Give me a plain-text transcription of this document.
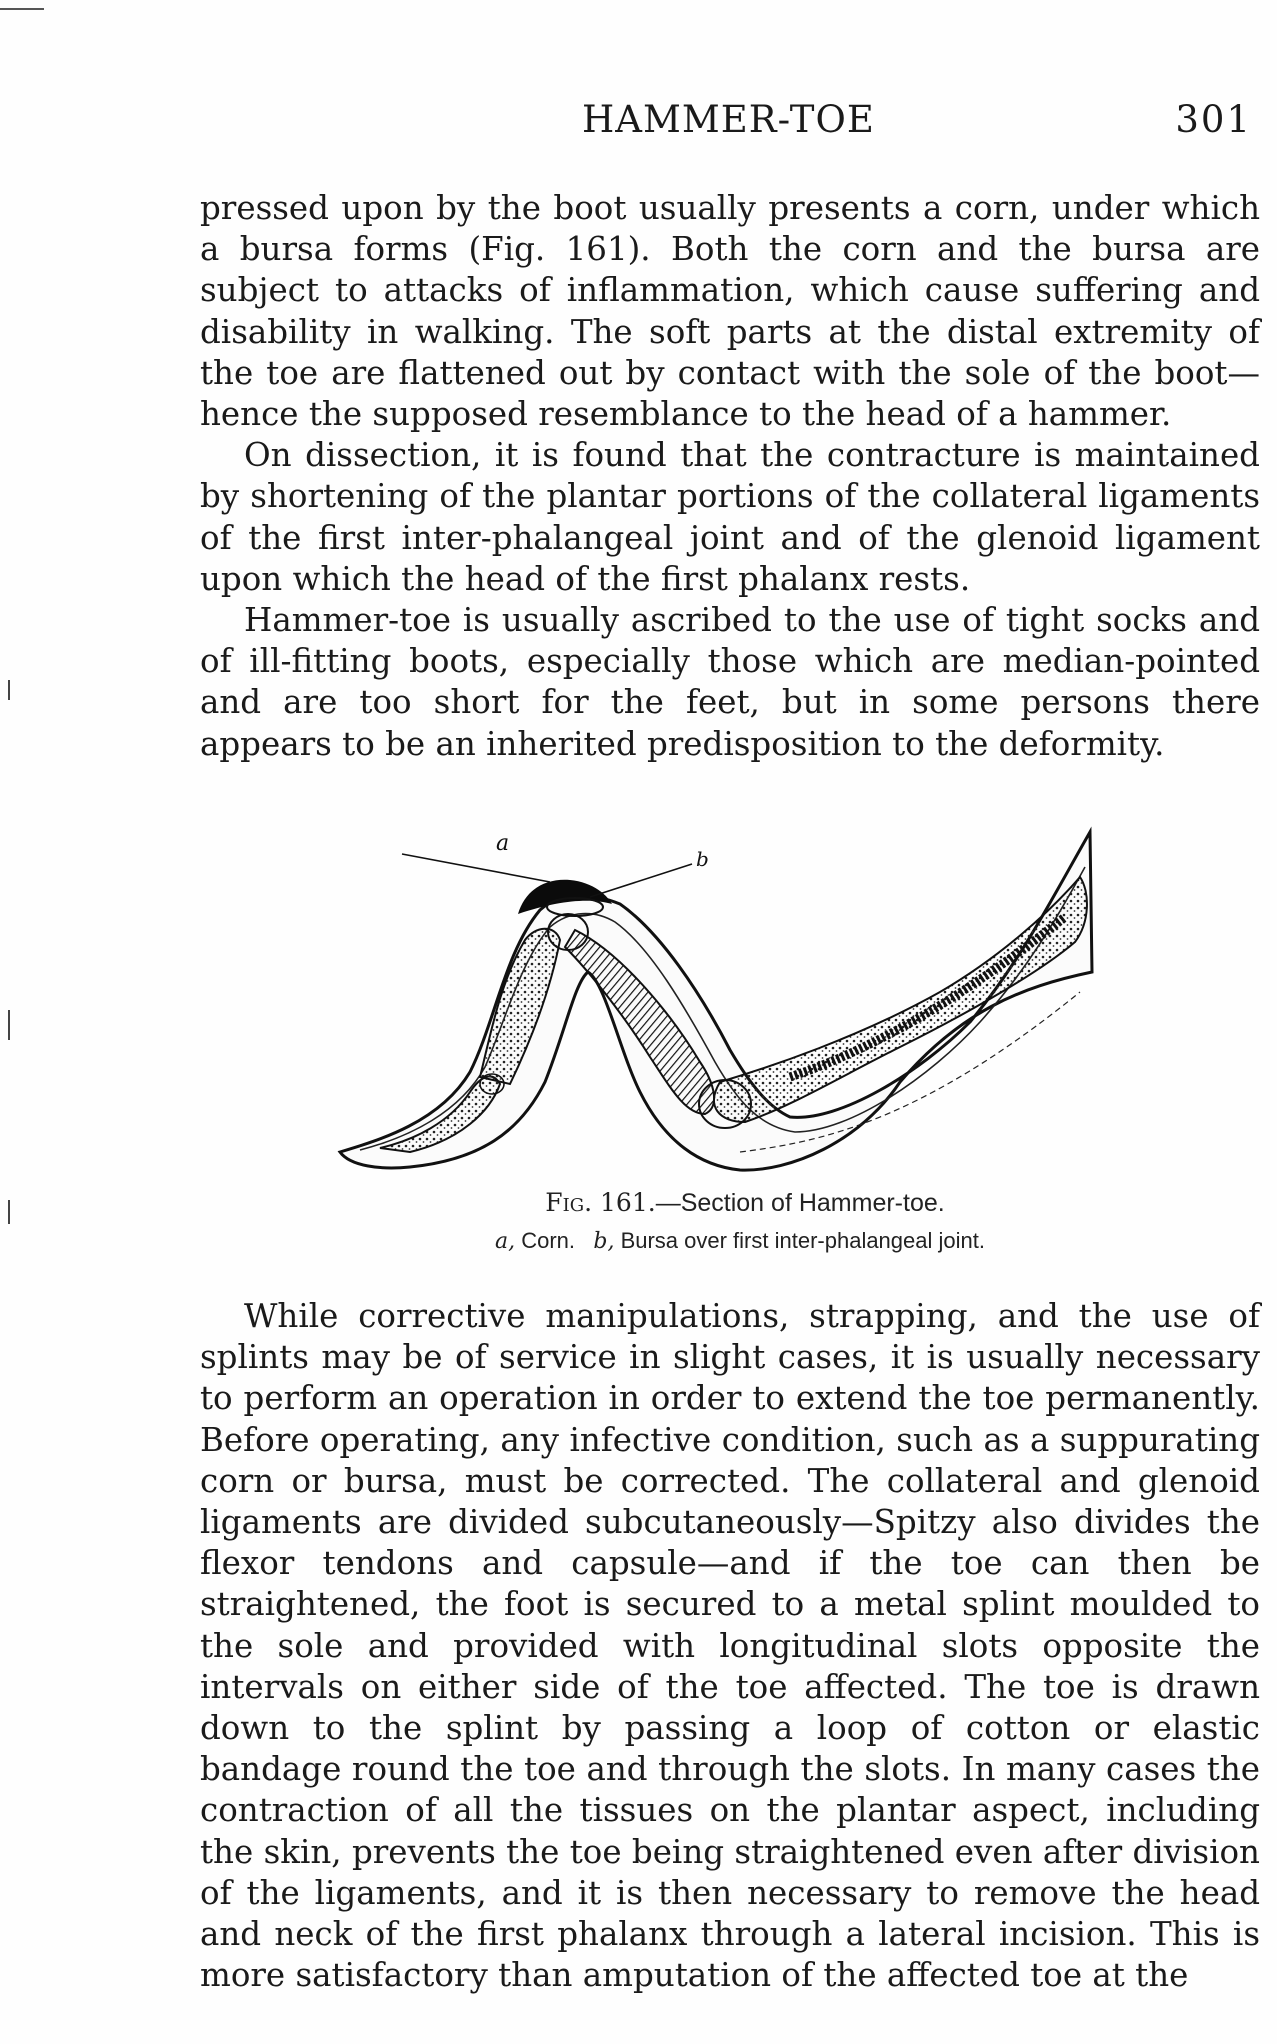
HAMMER-TOE	301

pressed upon by the boot usually presents a corn, under which a bursa forms (Fig. 161). Both the corn and the bursa are subject to attacks of inflammation, which cause suffering and disability in walking. The soft parts at the distal extremity of the toe are flattened out by contact with the sole of the boot—hence the supposed resemblance to the head of a hammer.

On dissection, it is found that the contracture is maintained by shortening of the plantar portions of the collateral ligaments of the first inter-phalangeal joint and of the glenoid ligament upon which the head of the first phalanx rests.

Hammer-toe is usually ascribed to the use of tight socks and of ill-fitting boots, especially those which are median-pointed and are too short for the feet, but in some persons there appears to be an inherited predisposition to the deformity.

a
b
Fig. 161.—Section of Hammer-toe.
a, Corn. b, Bursa over first inter-phalangeal joint.

While corrective manipulations, strapping, and the use of splints may be of service in slight cases, it is usually necessary to perform an operation in order to extend the toe permanently. Before operating, any infective condition, such as a suppurating corn or bursa, must be corrected. The collateral and glenoid ligaments are divided subcutaneously—Spitzy also divides the flexor tendons and capsule—and if the toe can then be straightened, the foot is secured to a metal splint moulded to the sole and provided with longitudinal slots opposite the intervals on either side of the toe affected. The toe is drawn down to the splint by passing a loop of cotton or elastic bandage round the toe and through the slots. In many cases the contraction of all the tissues on the plantar aspect, including the skin, prevents the toe being straightened even after division of the ligaments, and it is then necessary to remove the head and neck of the first phalanx through a lateral incision. This is more satisfactory than amputation of the affected toe at the
